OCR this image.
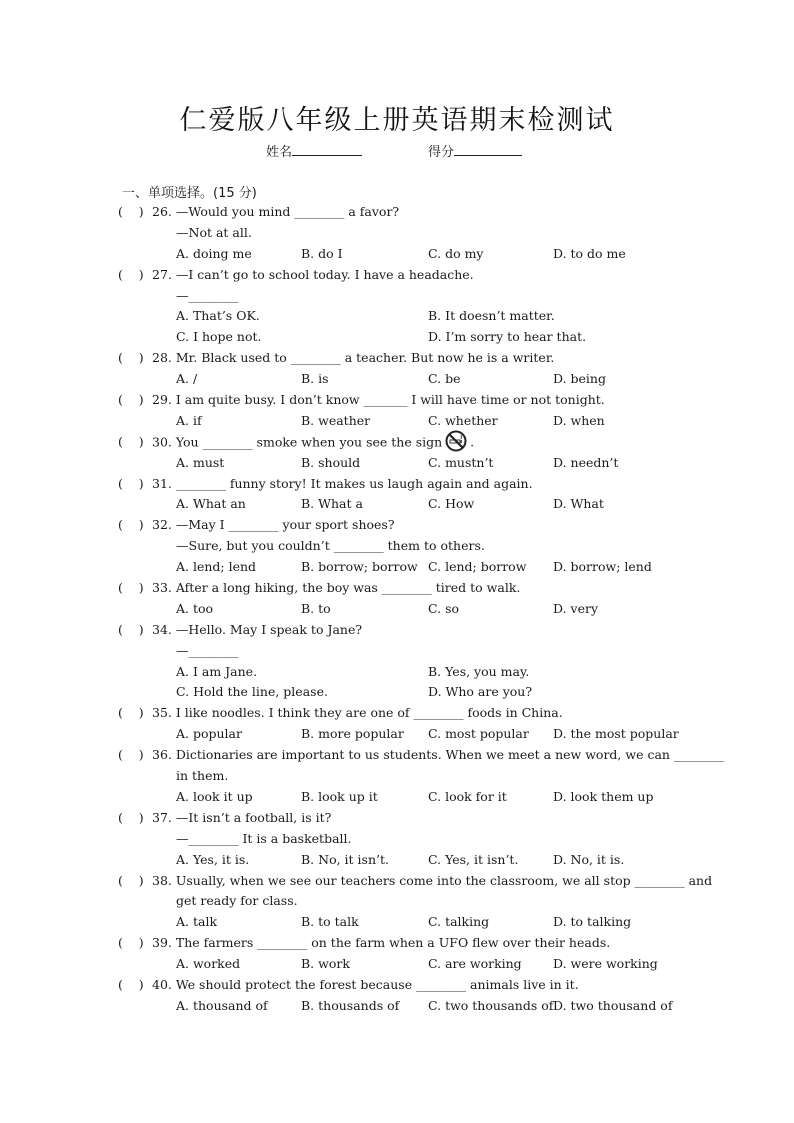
仁爱版八年级上册英语期末检测试
姓名	得分
一、单项选择。(15 分)
(    ) 26. —Would you mind ________ a favor?
—Not at all.
A. doing me	B. do I	C. do my	D. to do me
(    ) 27. —I can’t go to school today. I have a headache.
—________
A. That’s OK.	B. It doesn’t matter.
C. I hope not.	D. I’m sorry to hear that.
(    ) 28. Mr. Black used to ________ a teacher. But now he is a writer.
A. /	B. is	C. be	D. being
(    ) 29. I am quite busy. I don’t know _______ I will have time or not tonight.
A. if	B. weather	C. whether	D. when
(    ) 30. You ________ smoke when you see the sign .
A. must	B. should	C. mustn’t	D. needn’t
(    ) 31. ________ funny story! It makes us laugh again and again.
A. What an	B. What a	C. How	D. What
(    ) 32. —May I ________ your sport shoes?
—Sure, but you couldn’t ________ them to others.
A. lend; lend	B. borrow; borrow C. lend; borrow D. borrow; lend
(    ) 33. After a long hiking, the boy was ________ tired to walk.
A. too	B. to	C. so	D. very
(    ) 34. —Hello. May I speak to Jane?
—________
A. I am Jane.	B. Yes, you may.
C. Hold the line, please.	D. Who are you?
(    ) 35. I like noodles. I think they are one of ________ foods in China.
A. popular	B. more popular C. most popular D. the most popular
(    ) 36. Dictionaries are important to us students. When we meet a new word, we can ________
in them.
A. look it up	B. look up it	C. look for it	D. look them up
(    ) 37. —It isn’t a football, is it?
—________ It is a basketball.
A. Yes, it is.	B. No, it isn’t.	C. Yes, it isn’t.	D. No, it is.
(    ) 38. Usually, when we see our teachers come into the classroom, we all stop ________ and
get ready for class.
A. talk	B. to talk	C. talking	D. to talking
(    ) 39. The farmers ________ on the farm when a UFO flew over their heads.
A. worked	B. work	C. are working	D. were working
(    ) 40. We should protect the forest because ________ animals live in it.
A. thousand of	B. thousands of C. two thousands of D. two thousand of
